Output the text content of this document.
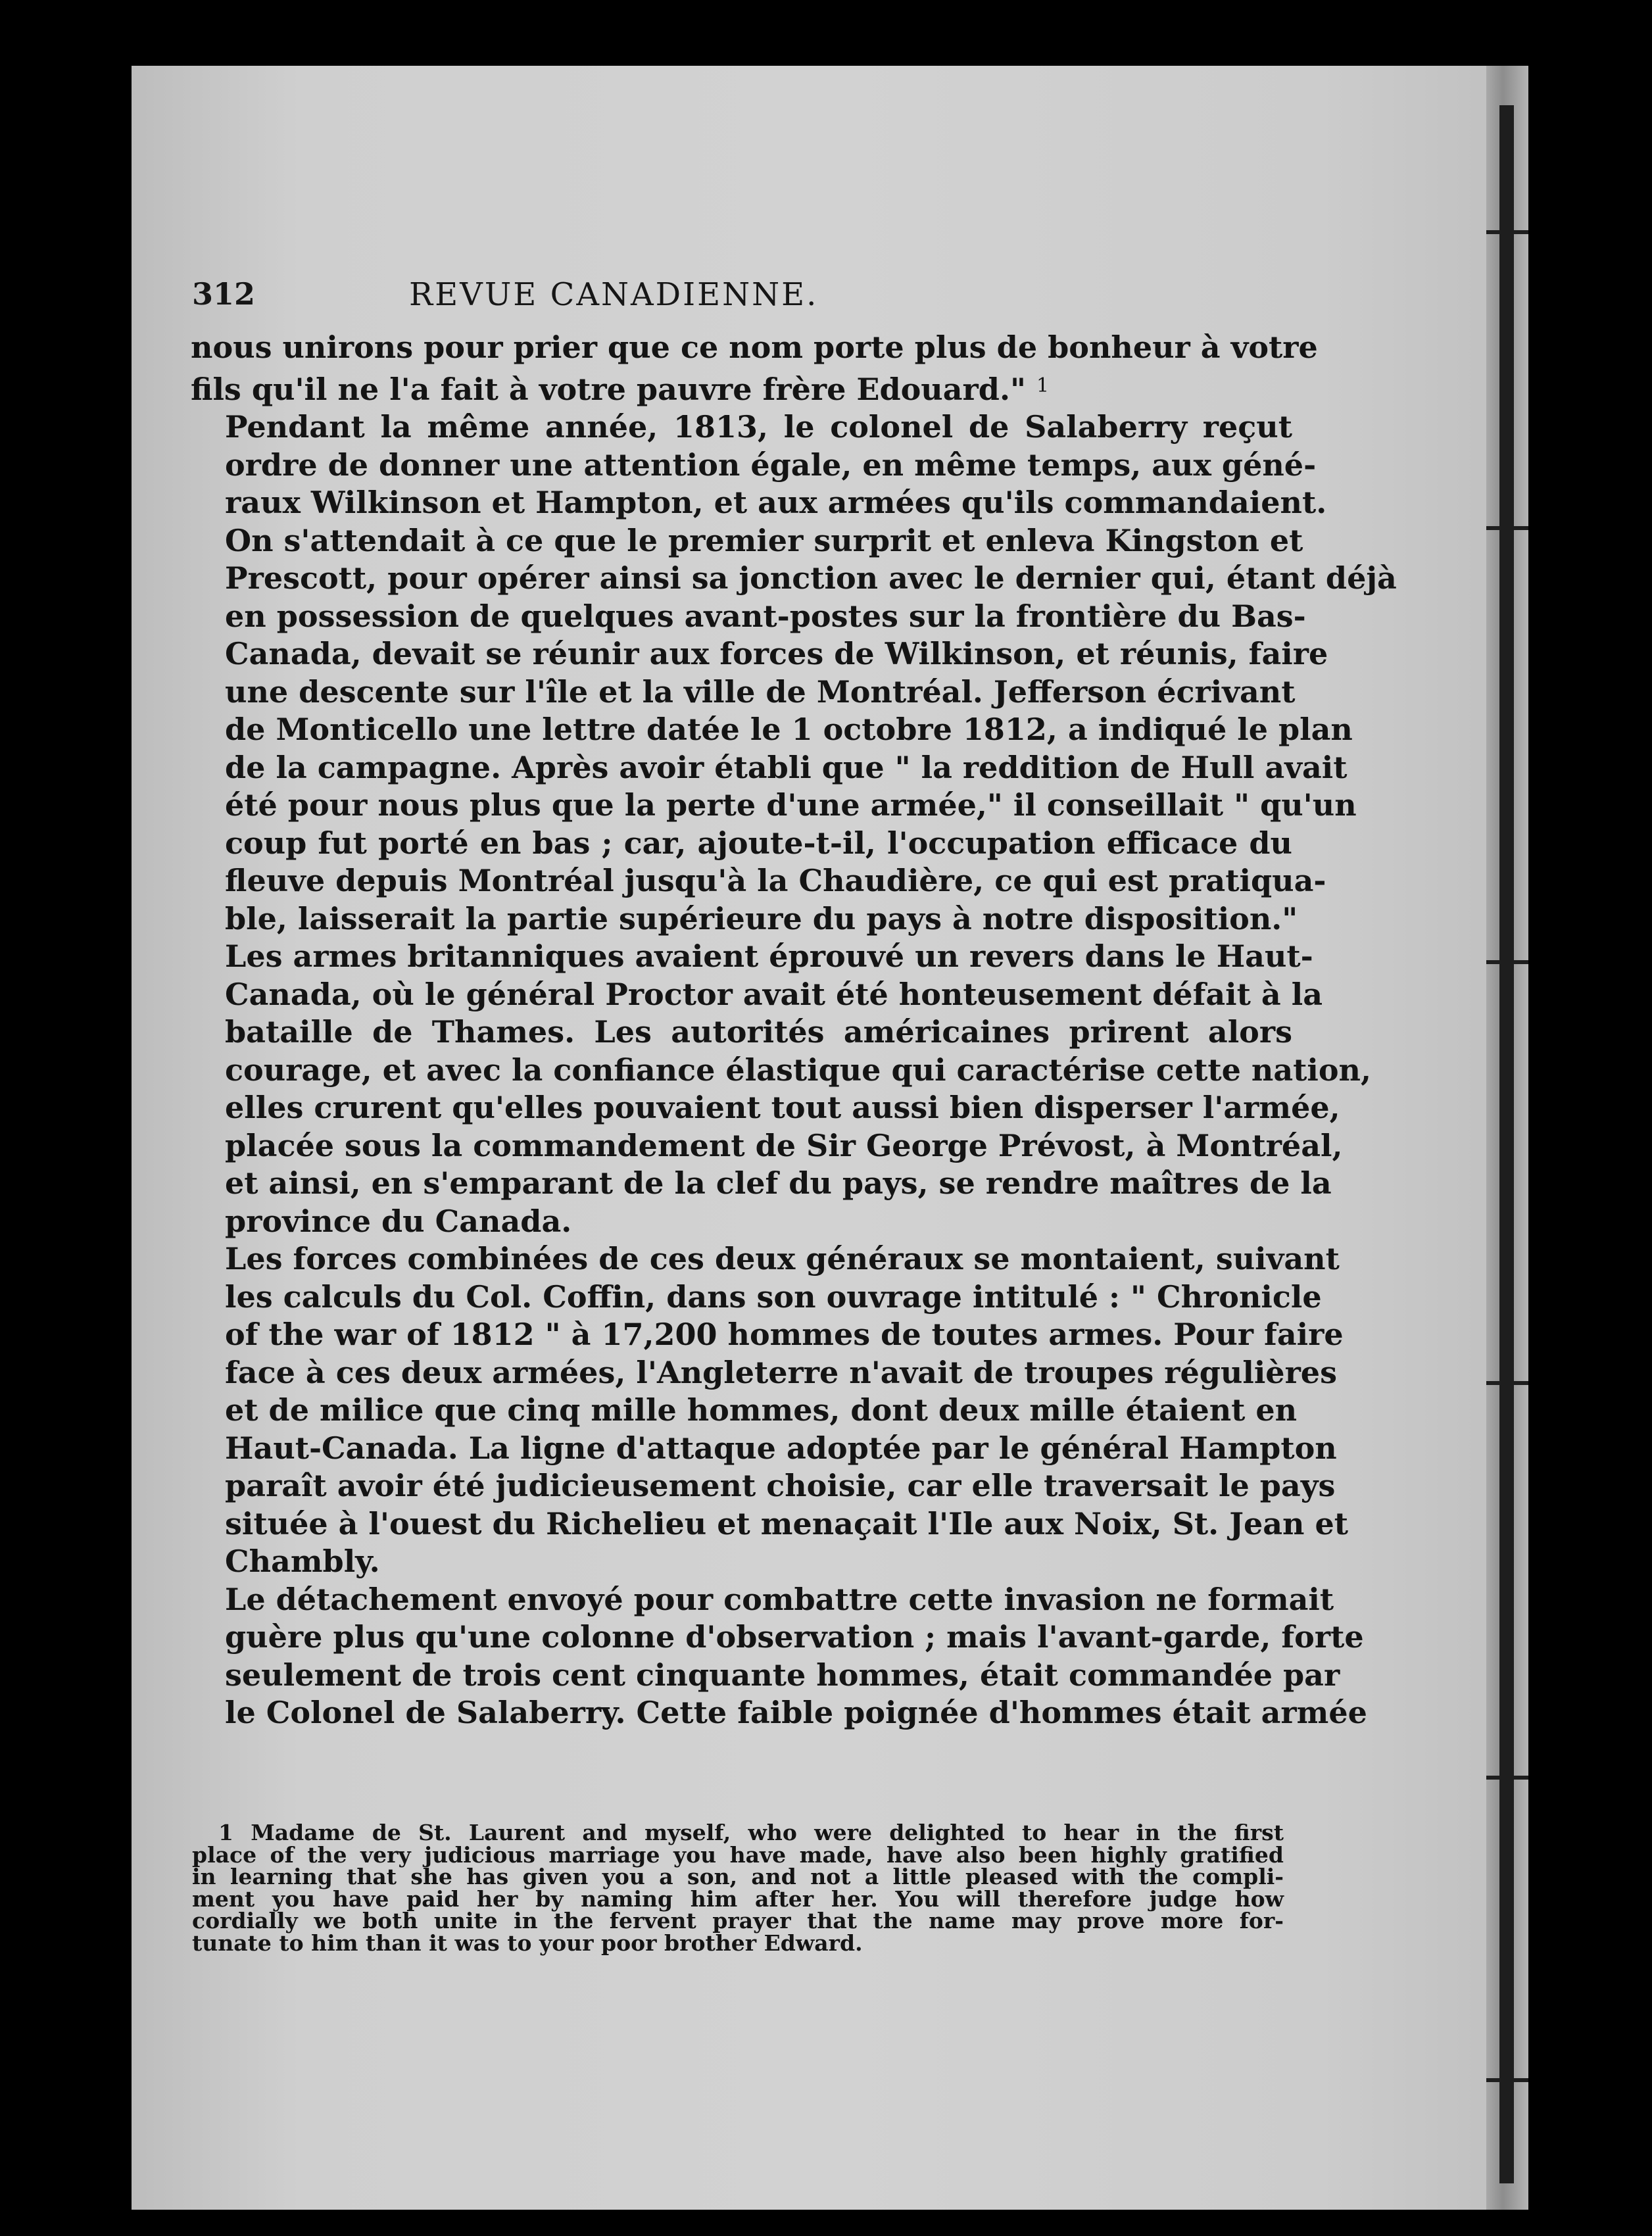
312	REVUE CANADIENNE.

nous unirons pour prier que ce nom porte plus de bonheur à votre
fils qu'il ne l'a fait à votre pauvre frère Edouard." $^1$

Pendant la même année, 1813, le colonel de Salaberry reçut
ordre de donner une attention égale, en même temps, aux géné-
raux Wilkinson et Hampton, et aux armées qu'ils commandaient.
On s'attendait à ce que le premier surprit et enleva Kingston et
Prescott, pour opérer ainsi sa jonction avec le dernier qui, étant déjà
en possession de quelques avant-postes sur la frontière du Bas-
Canada, devait se réunir aux forces de Wilkinson, et réunis, faire
une descente sur l'île et la ville de Montréal. Jefferson écrivant
de Monticello une lettre datée le 1 octobre 1812, a indiqué le plan
de la campagne. Après avoir établi que " la reddition de Hull avait
été pour nous plus que la perte d'une armée," il conseillait " qu'un
coup fut porté en bas ; car, ajoute-t-il, l'occupation efficace du
fleuve depuis Montréal jusqu'à la Chaudière, ce qui est pratiqua-
ble, laisserait la partie supérieure du pays à notre disposition."

Les armes britanniques avaient éprouvé un revers dans le Haut-
Canada, où le général Proctor avait été honteusement défait à la
bataille de Thames. Les autorités américaines prirent alors
courage, et avec la confiance élastique qui caractérise cette nation,
elles crurent qu'elles pouvaient tout aussi bien disperser l'armée,
placée sous la commandement de Sir George Prévost, à Montréal,
et ainsi, en s'emparant de la clef du pays, se rendre maîtres de la
province du Canada.

Les forces combinées de ces deux généraux se montaient, suivant
les calculs du Col. Coffin, dans son ouvrage intitulé : " Chronicle
of the war of 1812 " à 17,200 hommes de toutes armes. Pour faire
face à ces deux armées, l'Angleterre n'avait de troupes régulières
et de milice que cinq mille hommes, dont deux mille étaient en
Haut-Canada. La ligne d'attaque adoptée par le général Hampton
paraît avoir été judicieusement choisie, car elle traversait le pays
située à l'ouest du Richelieu et menaçait l'Ile aux Noix, St. Jean et
Chambly.

Le détachement envoyé pour combattre cette invasion ne formait
guère plus qu'une colonne d'observation ; mais l'avant-garde, forte
seulement de trois cent cinquante hommes, était commandée par
le Colonel de Salaberry. Cette faible poignée d'hommes était armée

1 Madame de St. Laurent and myself, who were delighted to hear in the first
place of the very judicious marriage you have made, have also been highly gratified
in learning that she has given you a son, and not a little pleased with the compli-
ment you have paid her by naming him after her. You will therefore judge how
cordially we both unite in the fervent prayer that the name may prove more for-
tunate to him than it was to your poor brother Edward.
